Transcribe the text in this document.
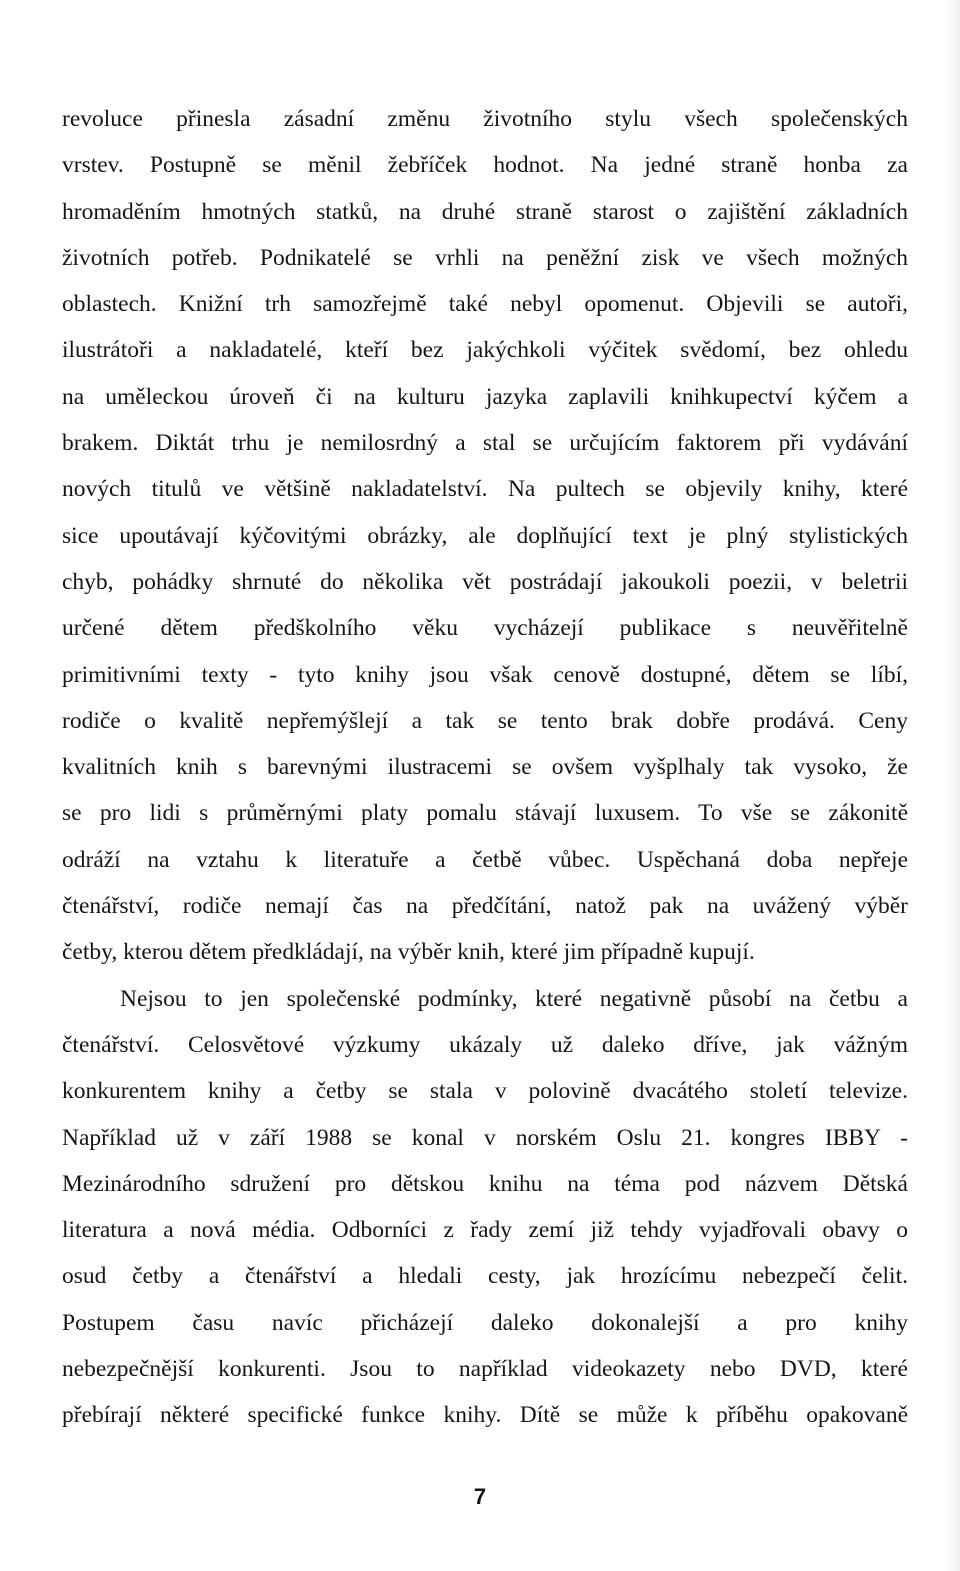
revoluce přinesla zásadní změnu životního stylu všech společenských
vrstev. Postupně se měnil žebříček hodnot. Na jedné straně honba za
hromaděním hmotných statků, na druhé straně starost o zajištění základních
životních potřeb. Podnikatelé se vrhli na peněžní zisk ve všech možných
oblastech. Knižní trh samozřejmě také nebyl opomenut. Objevili se autoři,
ilustrátoři a nakladatelé, kteří bez jakýchkoli výčitek svědomí, bez ohledu
na uměleckou úroveň či na kulturu jazyka zaplavili knihkupectví kýčem a
brakem. Diktát trhu je nemilosrdný a stal se určujícím faktorem při vydávání
nových titulů ve většině nakladatelství. Na pultech se objevily knihy, které
sice upoutávají kýčovitými obrázky, ale doplňující text je plný stylistických
chyb, pohádky shrnuté do několika vět postrádají jakoukoli poezii, v beletrii
určené dětem předškolního věku vycházejí publikace s neuvěřitelně
primitivními texty - tyto knihy jsou však cenově dostupné, dětem se líbí,
rodiče o kvalitě nepřemýšlejí a tak se tento brak dobře prodává. Ceny
kvalitních knih s barevnými ilustracemi se ovšem vyšplhaly tak vysoko, že
se pro lidi s průměrnými platy pomalu stávají luxusem. To vše se zákonitě
odráží na vztahu k literatuře a četbě vůbec. Uspěchaná doba nepřeje
čtenářství, rodiče nemají čas na předčítání, natož pak na uvážený výběr
četby, kterou dětem předkládají, na výběr knih, které jim případně kupují.
Nejsou to jen společenské podmínky, které negativně působí na četbu a
čtenářství. Celosvětové výzkumy ukázaly už daleko dříve, jak vážným
konkurentem knihy a četby se stala v polovině dvacátého století televize.
Například už v září 1988 se konal v norském Oslu 21. kongres IBBY -
Mezinárodního sdružení pro dětskou knihu na téma pod názvem Dětská
literatura a nová média. Odborníci z řady zemí již tehdy vyjadřovali obavy o
osud četby a čtenářství a hledali cesty, jak hrozícímu nebezpečí čelit.
Postupem času navíc přicházejí daleko dokonalejší a pro knihy
nebezpečnější konkurenti. Jsou to například videokazety nebo DVD, které
přebírají některé specifické funkce knihy. Dítě se může k příběhu opakovaně
7
